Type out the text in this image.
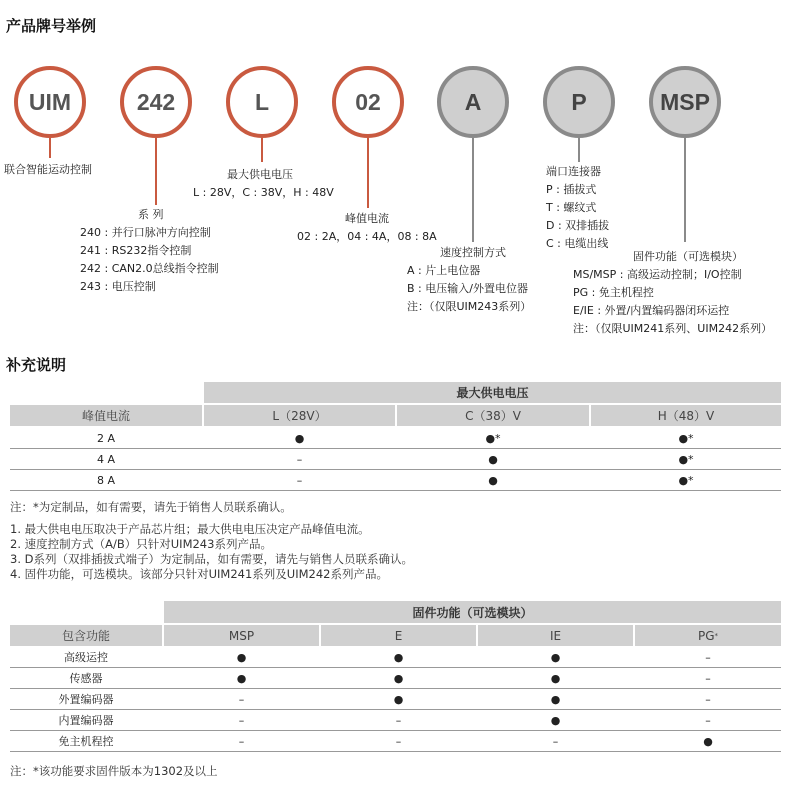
产品牌号举例
UIM	242	L	02	A	P	MSP
联合智能运动控制
系 列
240 : 并行口脉冲方向控制
241 : RS232指令控制
242 : CAN2.0总线指令控制
243 : 电压控制
最大供电电压
L : 28V，C : 38V，H : 48V
峰值电流
02 : 2A，04 : 4A，08 : 8A
速度控制方式
A : 片上电位器
B : 电压输入/外置电位器
注：（仅限UIM243系列）
端口连接器
P : 插拔式
T : 螺纹式
D : 双排插拔
C : 电缆出线
固件功能（可选模块）
MS/MSP : 高级运动控制；I/O控制
PG : 免主机程控
E/IE : 外置/内置编码器闭环运控
注：（仅限UIM241系列、UIM242系列）
补充说明
最大供电电压
峰值电流	L（28V）	C（38）V	H（48）V
2 A	●	●*	●*
4 A	–	●	●*
8 A	–	●	●*
注：*为定制品，如有需要，请先于销售人员联系确认。
1. 最大供电电压取决于产品芯片组；最大供电电压决定产品峰值电流。
2. 速度控制方式（A/B）只针对UIM243系列产品。
3. D系列（双排插拔式端子）为定制品，如有需要，请先与销售人员联系确认。
4. 固件功能，可选模块。该部分只针对UIM241系列及UIM242系列产品。
固件功能（可选模块）
包含功能	MSP	E	IE	PG *
高级运控	●	●	●	–
传感器	●	●	●	–
外置编码器	–	●	●	–
内置编码器	–	–	●	–
免主机程控	–	–	–	●
注：*该功能要求固件版本为1302及以上
